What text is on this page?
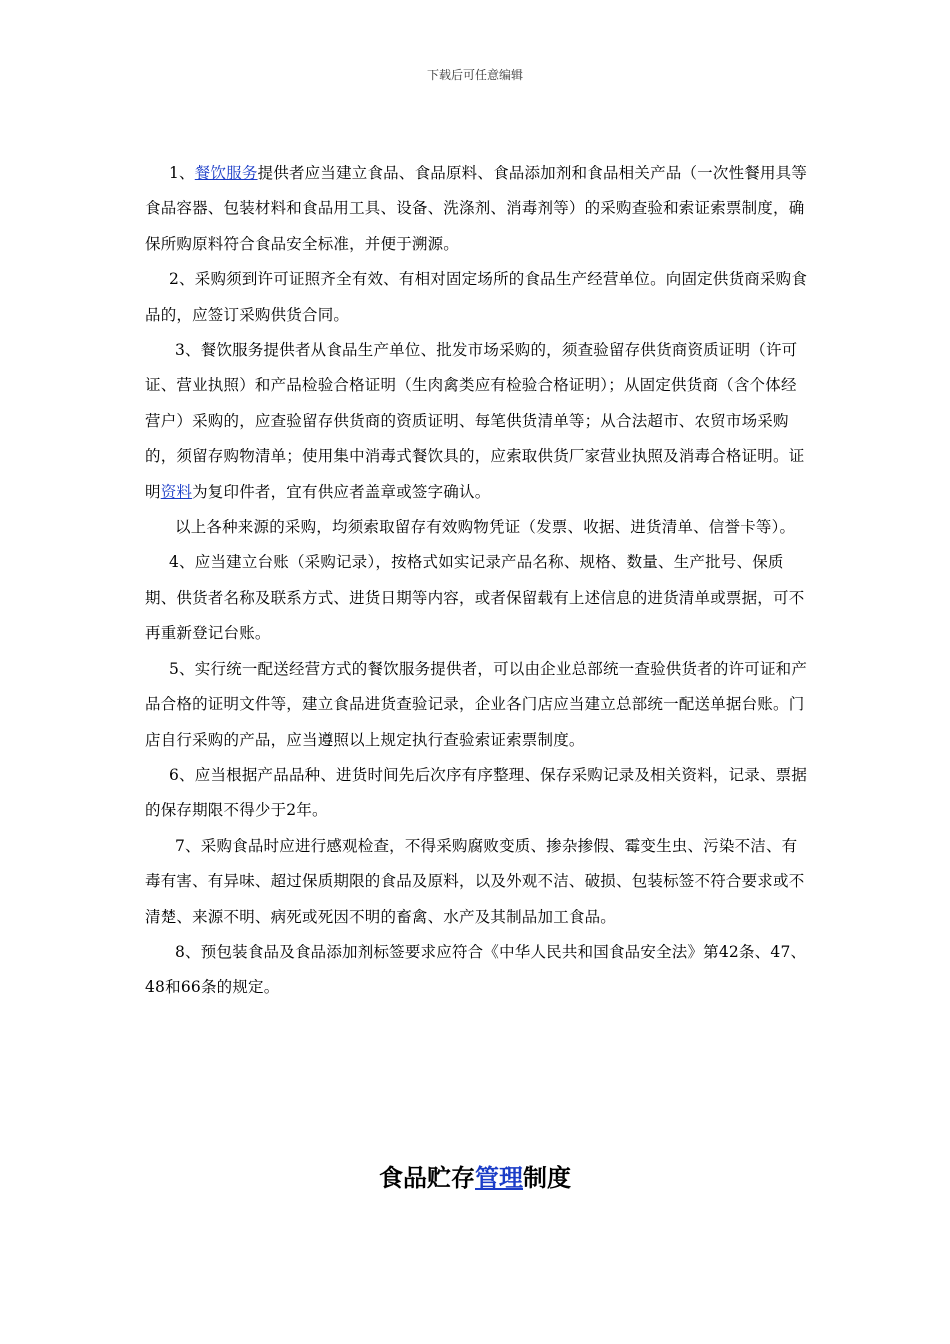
下载后可任意编辑

1、餐饮服务提供者应当建立食品、食品原料、食品添加剂和食品相关产品（一次性餐用具等食品容器、包装材料和食品用工具、设备、洗涤剂、消毒剂等）的采购查验和索证索票制度，确保所购原料符合食品安全标准，并便于溯源。

2、采购须到许可证照齐全有效、有相对固定场所的食品生产经营单位。向固定供货商采购食品的，应签订采购供货合同。

3、餐饮服务提供者从食品生产单位、批发市场采购的，须查验留存供货商资质证明（许可证、营业执照）和产品检验合格证明（生肉禽类应有检验合格证明）；从固定供货商（含个体经营户）采购的，应查验留存供货商的资质证明、每笔供货清单等；从合法超市、农贸市场采购的，须留存购物清单；使用集中消毒式餐饮具的，应索取供货厂家营业执照及消毒合格证明。证明资料为复印件者，宜有供应者盖章或签字确认。

以上各种来源的采购，均须索取留存有效购物凭证（发票、收据、进货清单、信誉卡等）。

4、应当建立台账（采购记录），按格式如实记录产品名称、规格、数量、生产批号、保质期、供货者名称及联系方式、进货日期等内容，或者保留载有上述信息的进货清单或票据，可不再重新登记台账。

5、实行统一配送经营方式的餐饮服务提供者，可以由企业总部统一查验供货者的许可证和产品合格的证明文件等，建立食品进货查验记录，企业各门店应当建立总部统一配送单据台账。门店自行采购的产品，应当遵照以上规定执行查验索证索票制度。

6、应当根据产品品种、进货时间先后次序有序整理、保存采购记录及相关资料，记录、票据的保存期限不得少于2年。

7、采购食品时应进行感观检查，不得采购腐败变质、掺杂掺假、霉变生虫、污染不洁、有毒有害、有异味、超过保质期限的食品及原料，以及外观不洁、破损、包装标签不符合要求或不清楚、来源不明、病死或死因不明的畜禽、水产及其制品加工食品。

8、预包装食品及食品添加剂标签要求应符合《中华人民共和国食品安全法》第42条、47、48和66条的规定。

食品贮存管理制度
